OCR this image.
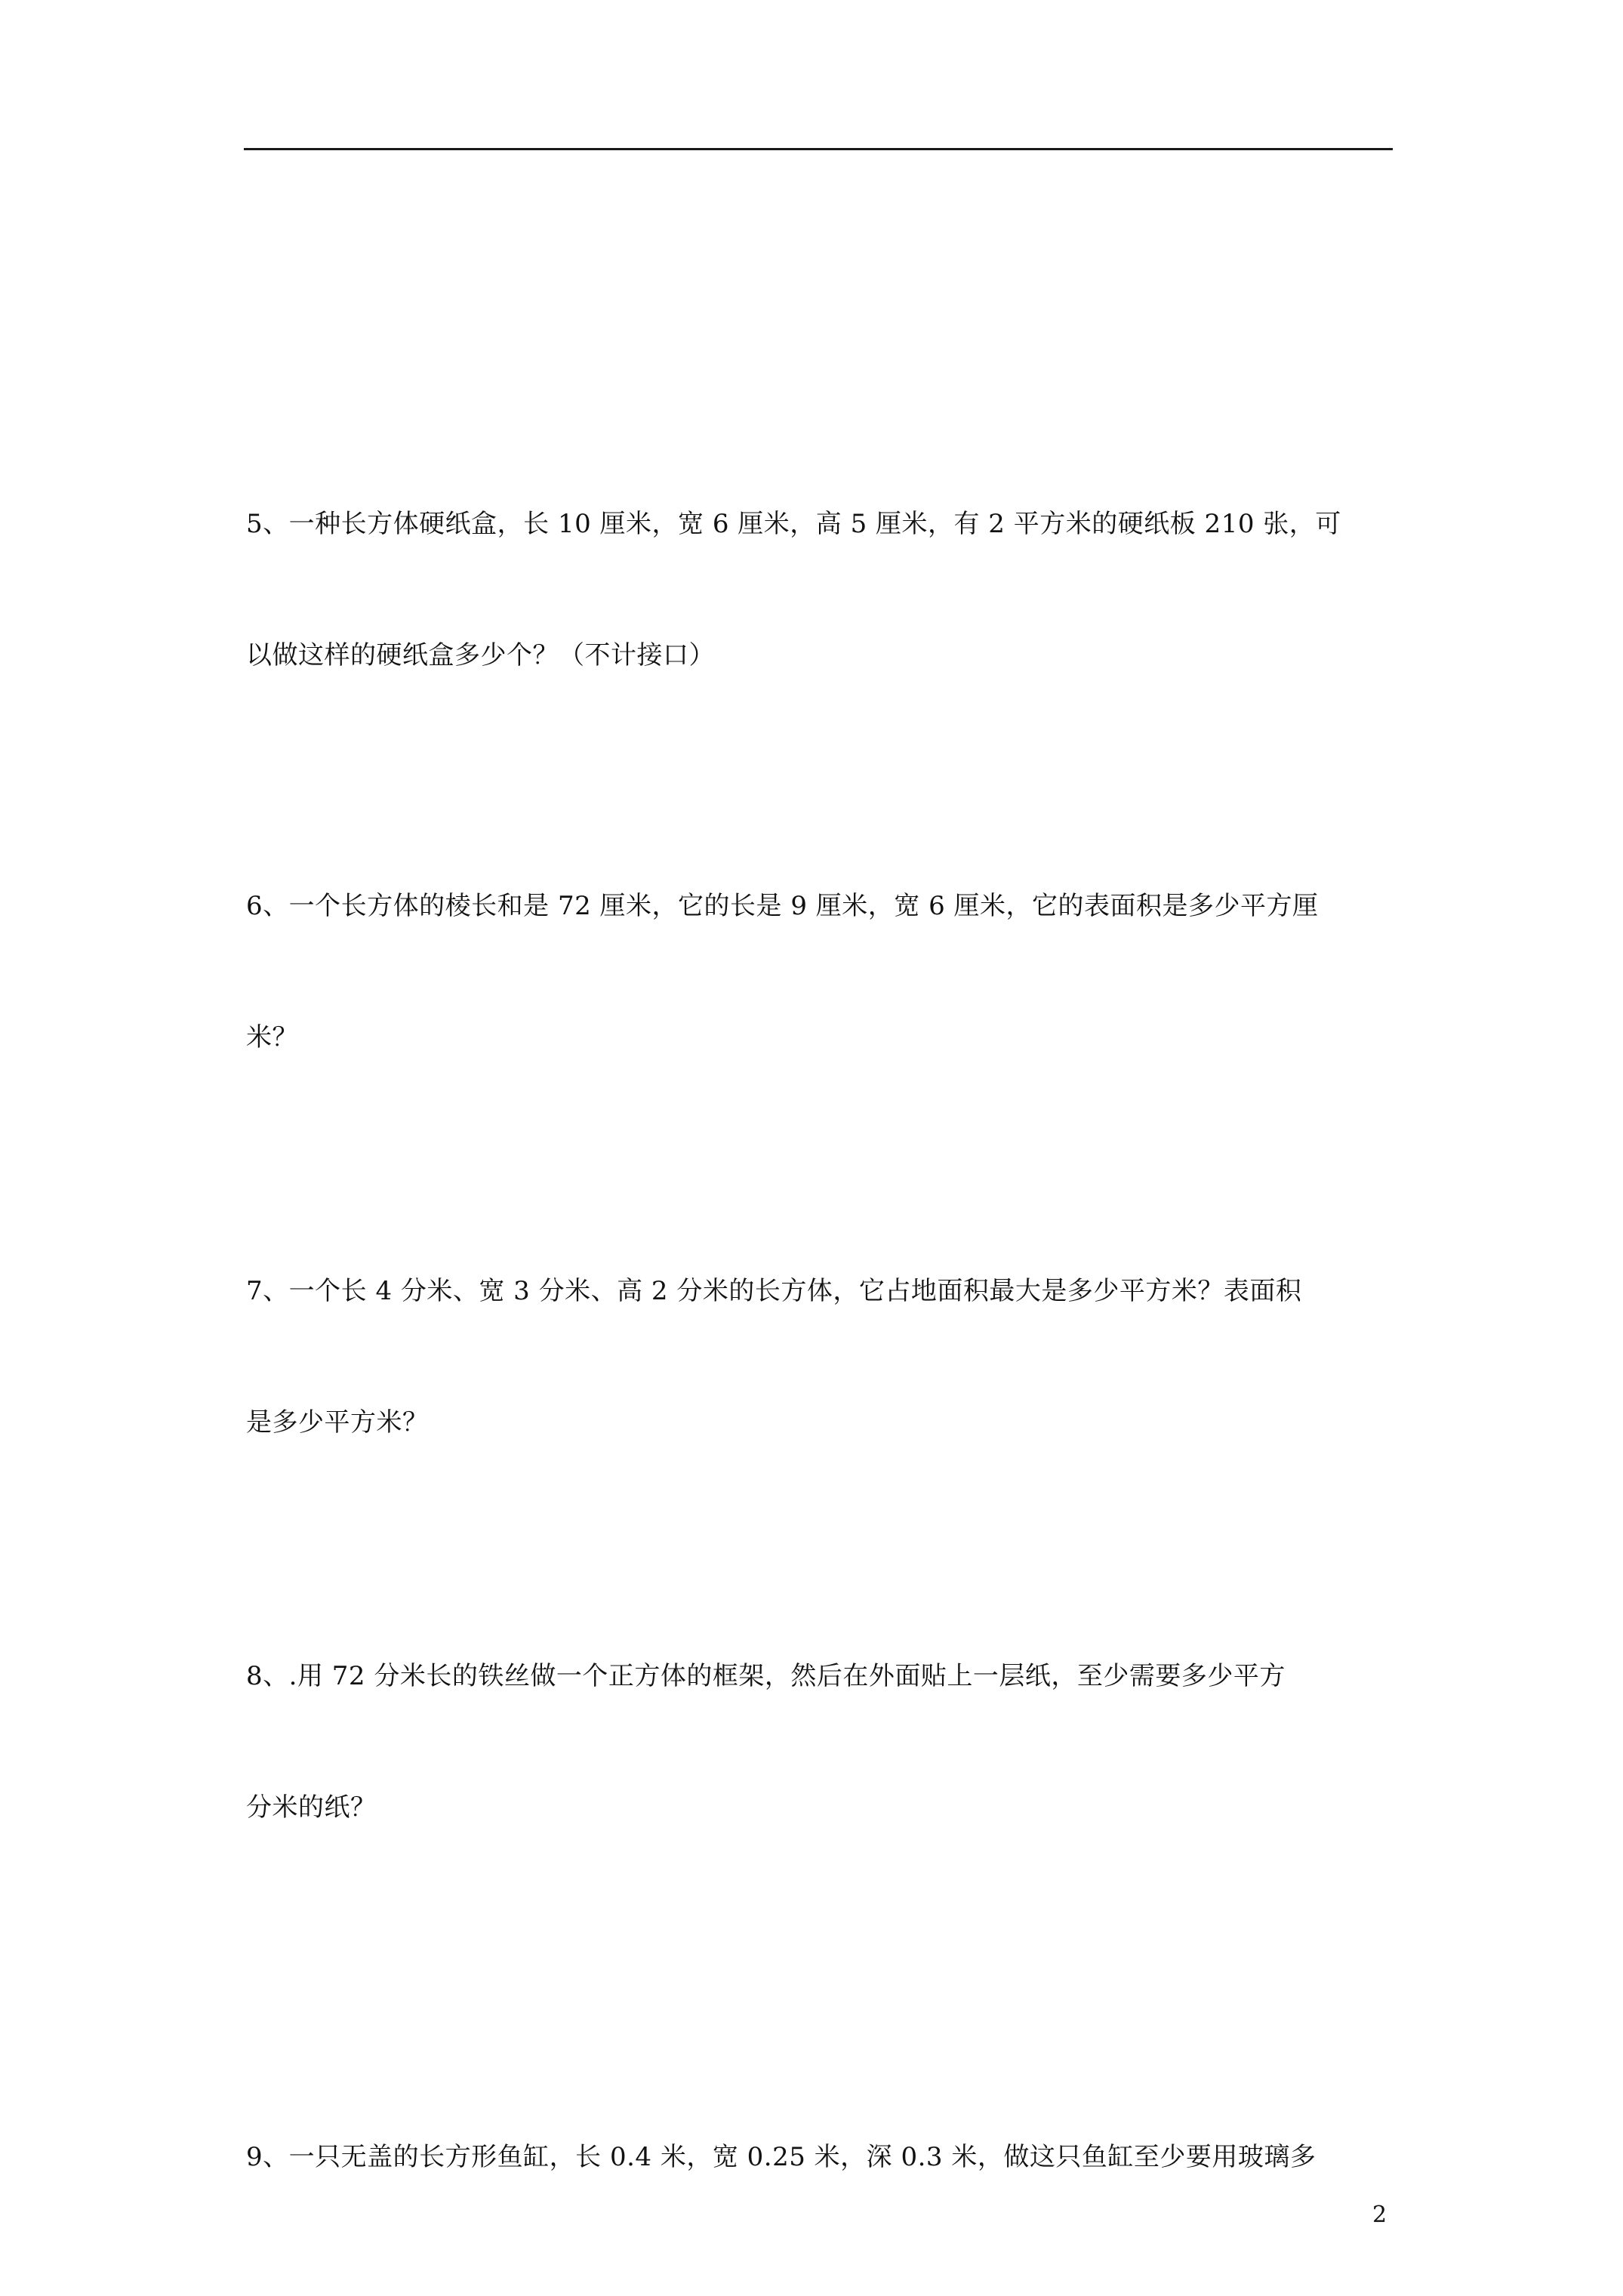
5、一种长方体硬纸盒，长 10 厘米，宽 6 厘米，高 5 厘米，有 2 平方米的硬纸板 210 张，可

以做这样的硬纸盒多少个？（不计接口）

6、一个长方体的棱长和是 72 厘米，它的长是 9 厘米，宽 6 厘米，它的表面积是多少平方厘

米？

7、一个长 4 分米、宽 3 分米、高 2 分米的长方体，它占地面积最大是多少平方米？表面积

是多少平方米？

8、.用 72 分米长的铁丝做一个正方体的框架，然后在外面贴上一层纸，至少需要多少平方

分米的纸？

9、一只无盖的长方形鱼缸，长 0.4 米，宽 0.25 米，深 0.3 米，做这只鱼缸至少要用玻璃多

2
